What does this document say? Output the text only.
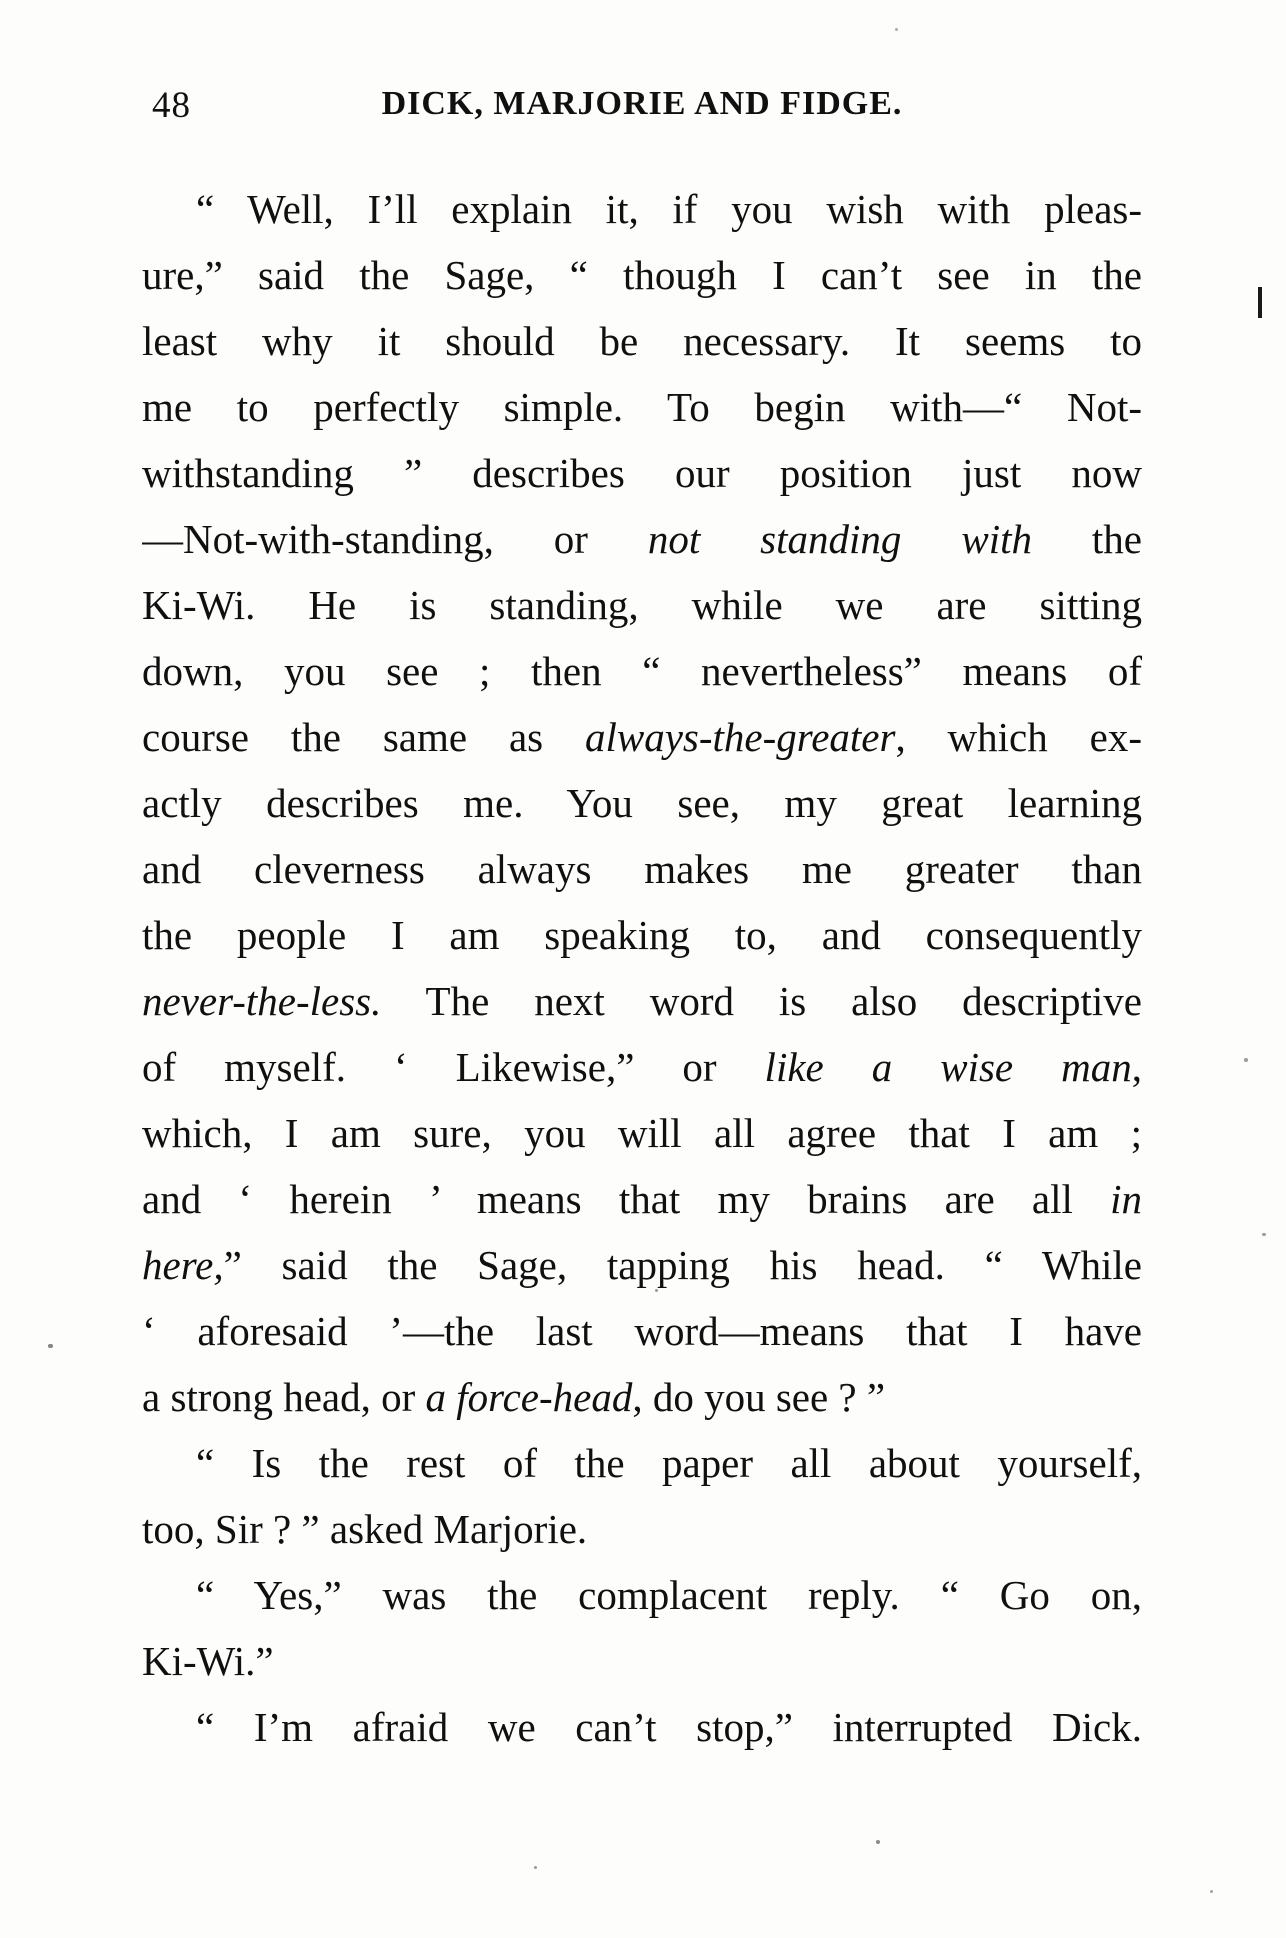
48	DICK, MARJORIE AND FIDGE.
“ Well, I’ll explain it, if you wish with pleas-
ure,” said the Sage, “ though I can’t see in the
least why it should be necessary. It seems to
me to perfectly simple. To begin with—“ Not-
withstanding ” describes our position just now
—Not-with-standing, or not standing with the
Ki-Wi. He is standing, while we are sitting
down, you see ; then “ nevertheless” means of
course the same as always-the-greater, which ex-
actly describes me. You see, my great learning
and cleverness always makes me greater than
the people I am speaking to, and consequently
never-the-less. The next word is also descriptive
of myself. ‘ Likewise,” or like a wise man,
which, I am sure, you will all agree that I am ;
and ‘ herein ’ means that my brains are all in
here,” said the Sage, tapping his head. “ While
‘ aforesaid ’—the last word—means that I have
a strong head, or a force-head, do you see ? ”
“ Is the rest of the paper all about yourself,
too, Sir ? ” asked Marjorie.
“ Yes,” was the complacent reply. “ Go on,
Ki-Wi.”
“ I’m afraid we can’t stop,” interrupted Dick.
